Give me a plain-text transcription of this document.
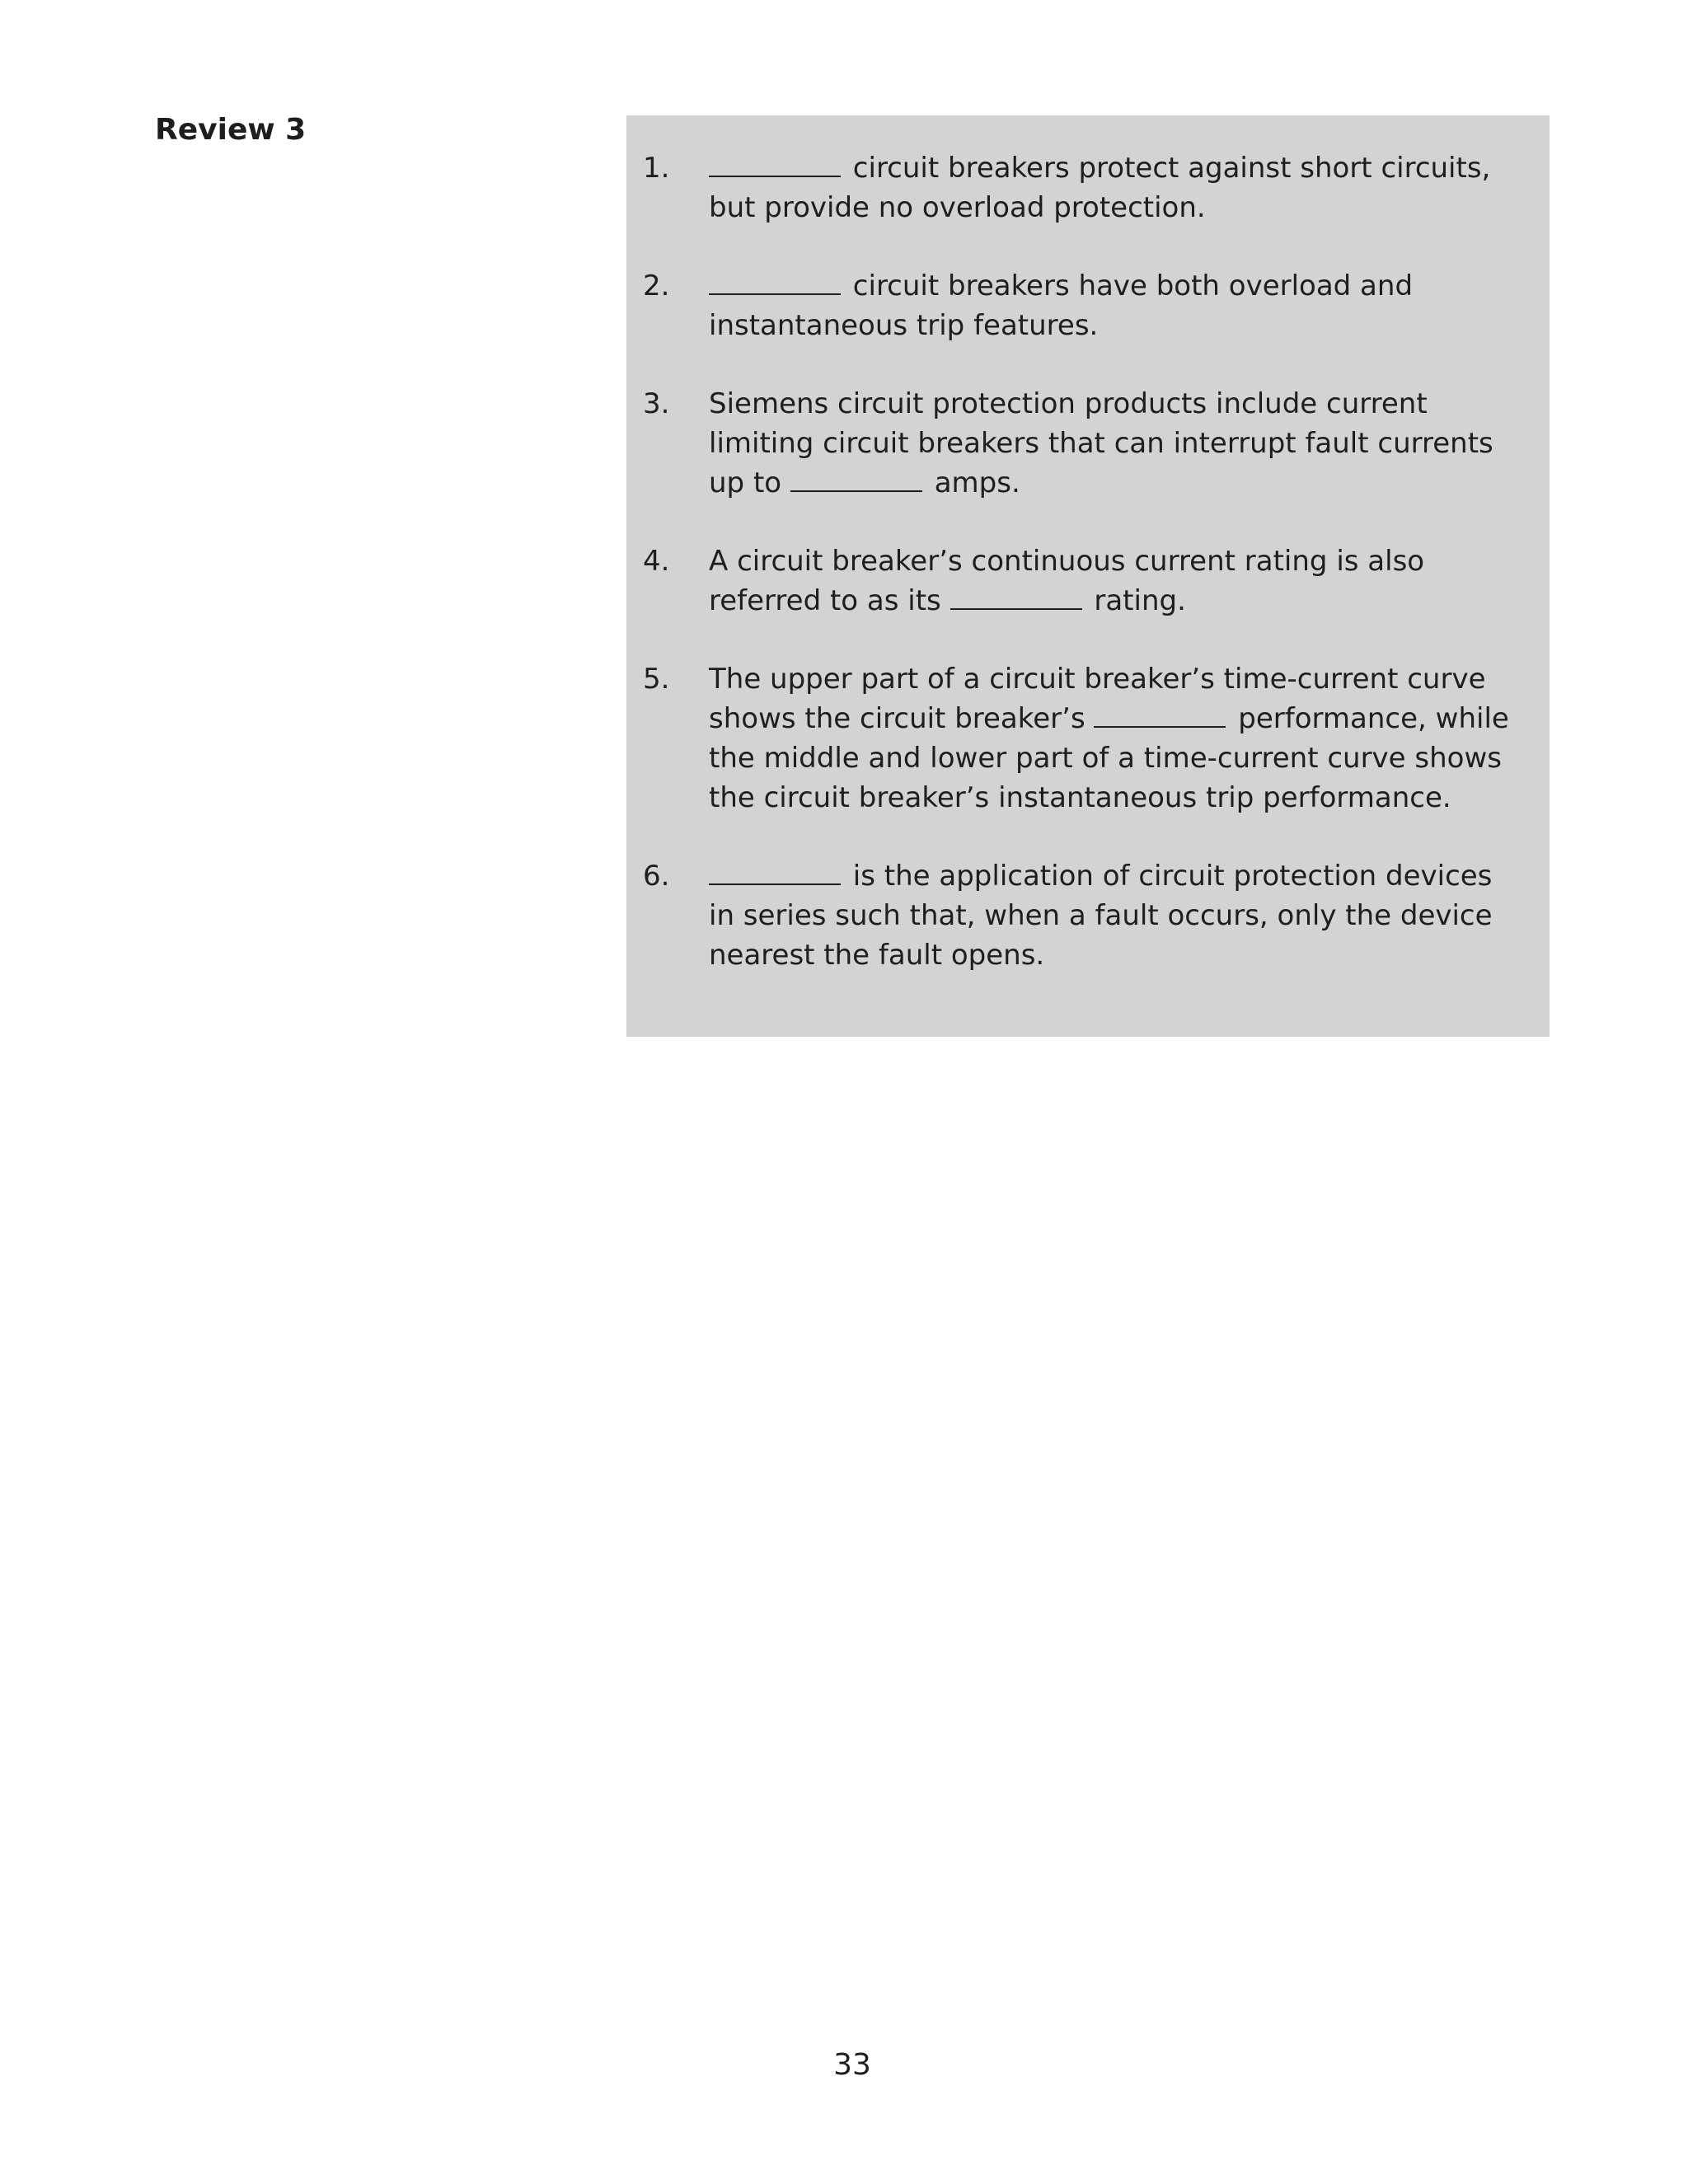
Review 3
1.	circuit breakers protect against short circuits, but provide no overload protection.
2.	circuit breakers have both overload and instantaneous trip features.
3.	Siemens circuit protection products include current limiting circuit breakers that can interrupt fault currents up to	amps.
4.	A circuit breaker’s continuous current rating is also referred to as its	rating.
5.	The upper part of a circuit breaker’s time-current curve shows the circuit breaker’s	performance, while the middle and lower part of a time-current curve shows the circuit breaker’s instantaneous trip performance.
6.	is the application of circuit protection devices in series such that, when a fault occurs, only the device nearest the fault opens.
33
